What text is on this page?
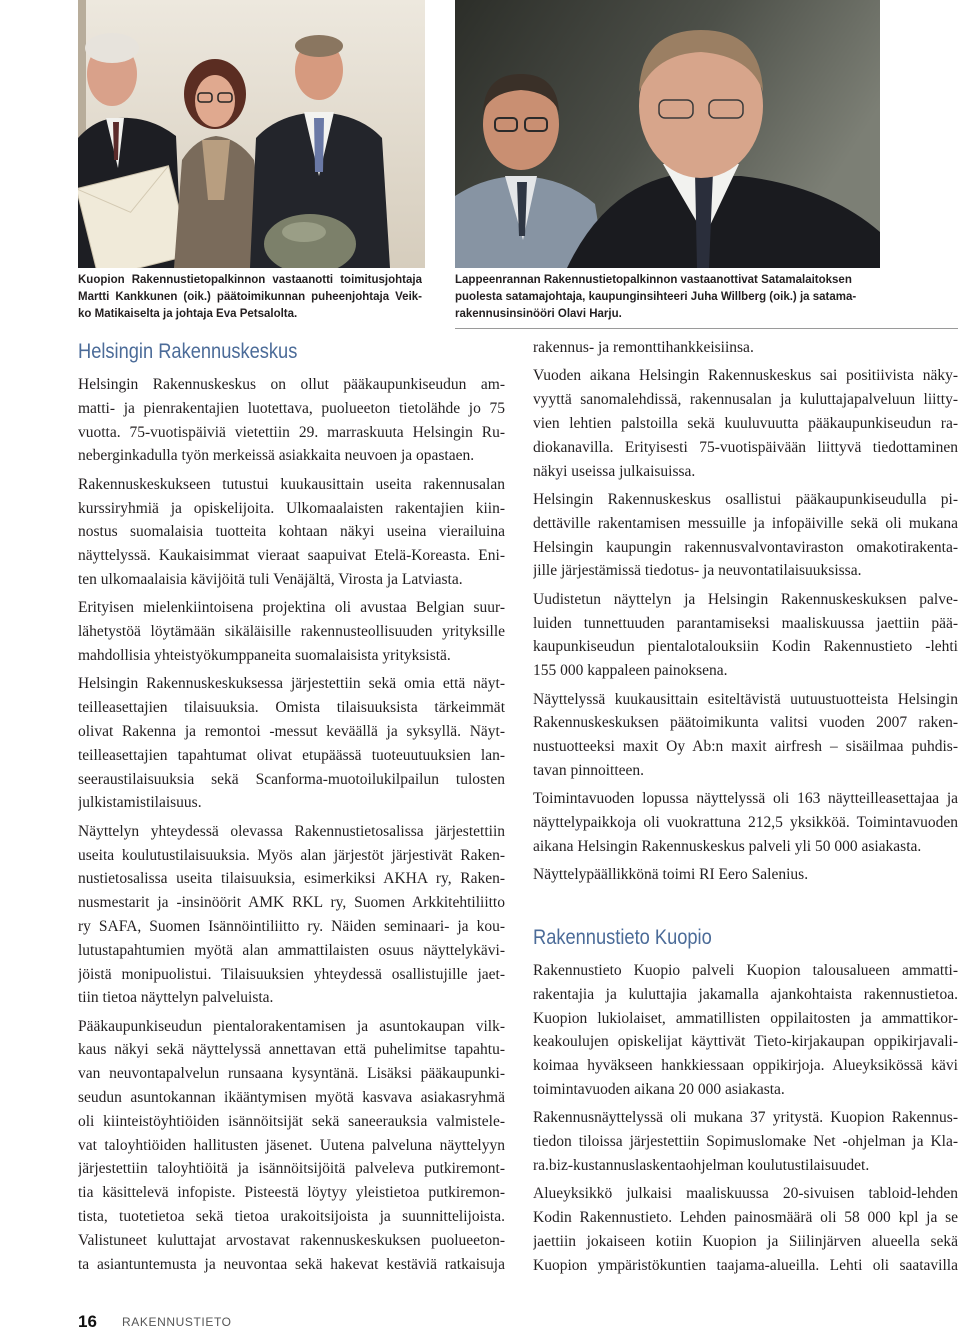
Kuopion Rakennustietopalkinnon vastaanotti toimitusjohtaja
Martti Kankkunen (oik.) päätoimikunnan puheenjohtaja Veik-
ko Matikaiselta ja johtaja Eva Petsalolta.
Lappeenrannan Rakennustietopalkinnon vastaanottivat Satamalaitoksen
puolesta satamajohtaja, kaupunginsihteeri Juha Willberg (oik.) ja satama-
rakennusinsinööri Olavi Harju.
Helsingin Rakennuskeskus
Helsingin Rakennuskeskus on ollut pääkaupunkiseudun am-
matti- ja pienrakentajien luotettava, puolueeton tietolähde jo 75
vuotta. 75-vuotispäiviä vietettiin 29. marraskuuta Helsingin Ru-
neberginkadulla työn merkeissä asiakkaita neuvoen ja opastaen.
Rakennuskeskukseen tutustui kuukausittain useita rakennusalan
kurssiryhmiä ja opiskelijoita. Ulkomaalaisten rakentajien kiin-
nostus suomalaisia tuotteita kohtaan näkyi useina vierailuina
näyttelyssä. Kaukaisimmat vieraat saapuivat Etelä-Koreasta. Eni-
ten ulkomaalaisia kävijöitä tuli Venäjältä, Virosta ja Latviasta.
Erityisen mielenkiintoisena projektina oli avustaa Belgian suur-
lähetystöä löytämään sikäläisille rakennusteollisuuden yrityksille
mahdollisia yhteistyökumppaneita suomalaisista yrityksistä.
Helsingin Rakennuskeskuksessa järjestettiin sekä omia että näyt-
teilleasettajien tilaisuuksia. Omista tilaisuuksista tärkeimmät
olivat Rakenna ja remontoi -messut keväällä ja syksyllä. Näyt-
teilleasettajien tapahtumat olivat etupäässä tuoteuutuuksien lan-
seeraustilaisuuksia sekä Scanforma-muotoilukilpailun tulosten
julkistamistilaisuus.
Näyttelyn yhteydessä olevassa Rakennustietosalissa järjestettiin
useita koulutustilaisuuksia. Myös alan järjestöt järjestivät Raken-
nustietosalissa useita tilaisuuksia, esimerkiksi AKHA ry, Raken-
nusmestarit ja -insinöörit AMK RKL ry, Suomen Arkkitehtiliitto
ry SAFA, Suomen Isännöintiliitto ry. Näiden seminaari- ja kou-
lutustapahtumien myötä alan ammattilaisten osuus näyttelykävi-
jöistä monipuolistui. Tilaisuuksien yhteydessä osallistujille jaet-
tiin tietoa näyttelyn palveluista.
Pääkaupunkiseudun pientalorakentamisen ja asuntokaupan vilk-
kaus näkyi sekä näyttelyssä annettavan että puhelimitse tapahtu-
van neuvontapalvelun runsaana kysyntänä. Lisäksi pääkaupunki-
seudun asuntokannan ikääntymisen myötä kasvava asiakasryhmä
oli kiinteistöyhtiöiden isännöitsijät sekä saneerauksia valmistele-
vat taloyhtiöiden hallitusten jäsenet. Uutena palveluna näyttelyyn
järjestettiin taloyhtiöitä ja isännöitsijöitä palveleva putkiremont-
tia käsittelevä infopiste. Pisteestä löytyy yleistietoa putkiremon-
tista, tuotetietoa sekä tietoa urakoitsijoista ja suunnittelijoista.
Valistuneet kuluttajat arvostavat rakennuskeskuksen puolueeton-
ta asiantuntemusta ja neuvontaa sekä hakevat kestäviä ratkaisuja
rakennus- ja remonttihankkeisiinsa.
Vuoden aikana Helsingin Rakennuskeskus sai positiivista näky-
vyyttä sanomalehdissä, rakennusalan ja kuluttajapalveluun liitty-
vien lehtien palstoilla sekä kuuluvuutta pääkaupunkiseudun ra-
diokanavilla. Erityisesti 75-vuotispäivään liittyvä tiedottaminen
näkyi useissa julkaisuissa.
Helsingin Rakennuskeskus osallistui pääkaupunkiseudulla pi-
dettäville rakentamisen messuille ja infopäiville sekä oli mukana
Helsingin kaupungin rakennusvalvontaviraston omakotirakenta-
jille järjestämissä tiedotus- ja neuvontatilaisuuksissa.
Uudistetun näyttelyn ja Helsingin Rakennuskeskuksen palve-
luiden tunnettuuden parantamiseksi maaliskuussa jaettiin pää-
kaupunkiseudun pientalotalouksiin Kodin Rakennustieto -lehti
155 000 kappaleen painoksena.
Näyttelyssä kuukausittain esiteltävistä uutuustuotteista Helsingin
Rakennuskeskuksen päätoimikunta valitsi vuoden 2007 raken-
nustuotteeksi maxit Oy Ab:n maxit airfresh – sisäilmaa puhdis-
tavan pinnoitteen.
Toimintavuoden lopussa näyttelyssä oli 163 näytteilleasettajaa ja
näyttelypaikkoja oli vuokrattuna 212,5 yksikköä. Toimintavuoden
aikana Helsingin Rakennuskeskus palveli yli 50 000 asiakasta.
Näyttelypäällikkönä toimi RI Eero Salenius.
Rakennustieto Kuopio
Rakennustieto Kuopio palveli Kuopion talousalueen ammatti-
rakentajia ja kuluttajia jakamalla ajankohtaista rakennustietoa.
Kuopion lukiolaiset, ammatillisten oppilaitosten ja ammattikor-
keakoulujen opiskelijat käyttivät Tieto-kirjakaupan oppikirjavali-
koimaa hyväkseen hankkiessaan oppikirjoja. Alueyksikössä kävi
toimintavuoden aikana 20 000 asiakasta.
Rakennusnäyttelyssä oli mukana 37 yritystä. Kuopion Rakennus-
tiedon tiloissa järjestettiin Sopimuslomake Net -ohjelman ja Kla-
ra.biz-kustannuslaskentaohjelman koulutustilaisuudet.
Alueyksikkö julkaisi maaliskuussa 20-sivuisen tabloid-lehden
Kodin Rakennustieto. Lehden painosmäärä oli 58 000 kpl ja se
jaettiin jokaiseen kotiin Kuopion ja Siilinjärven alueella sekä
Kuopion ympäristökuntien taajama-alueilla. Lehti oli saatavilla
16 RAKENNUSTIETO
